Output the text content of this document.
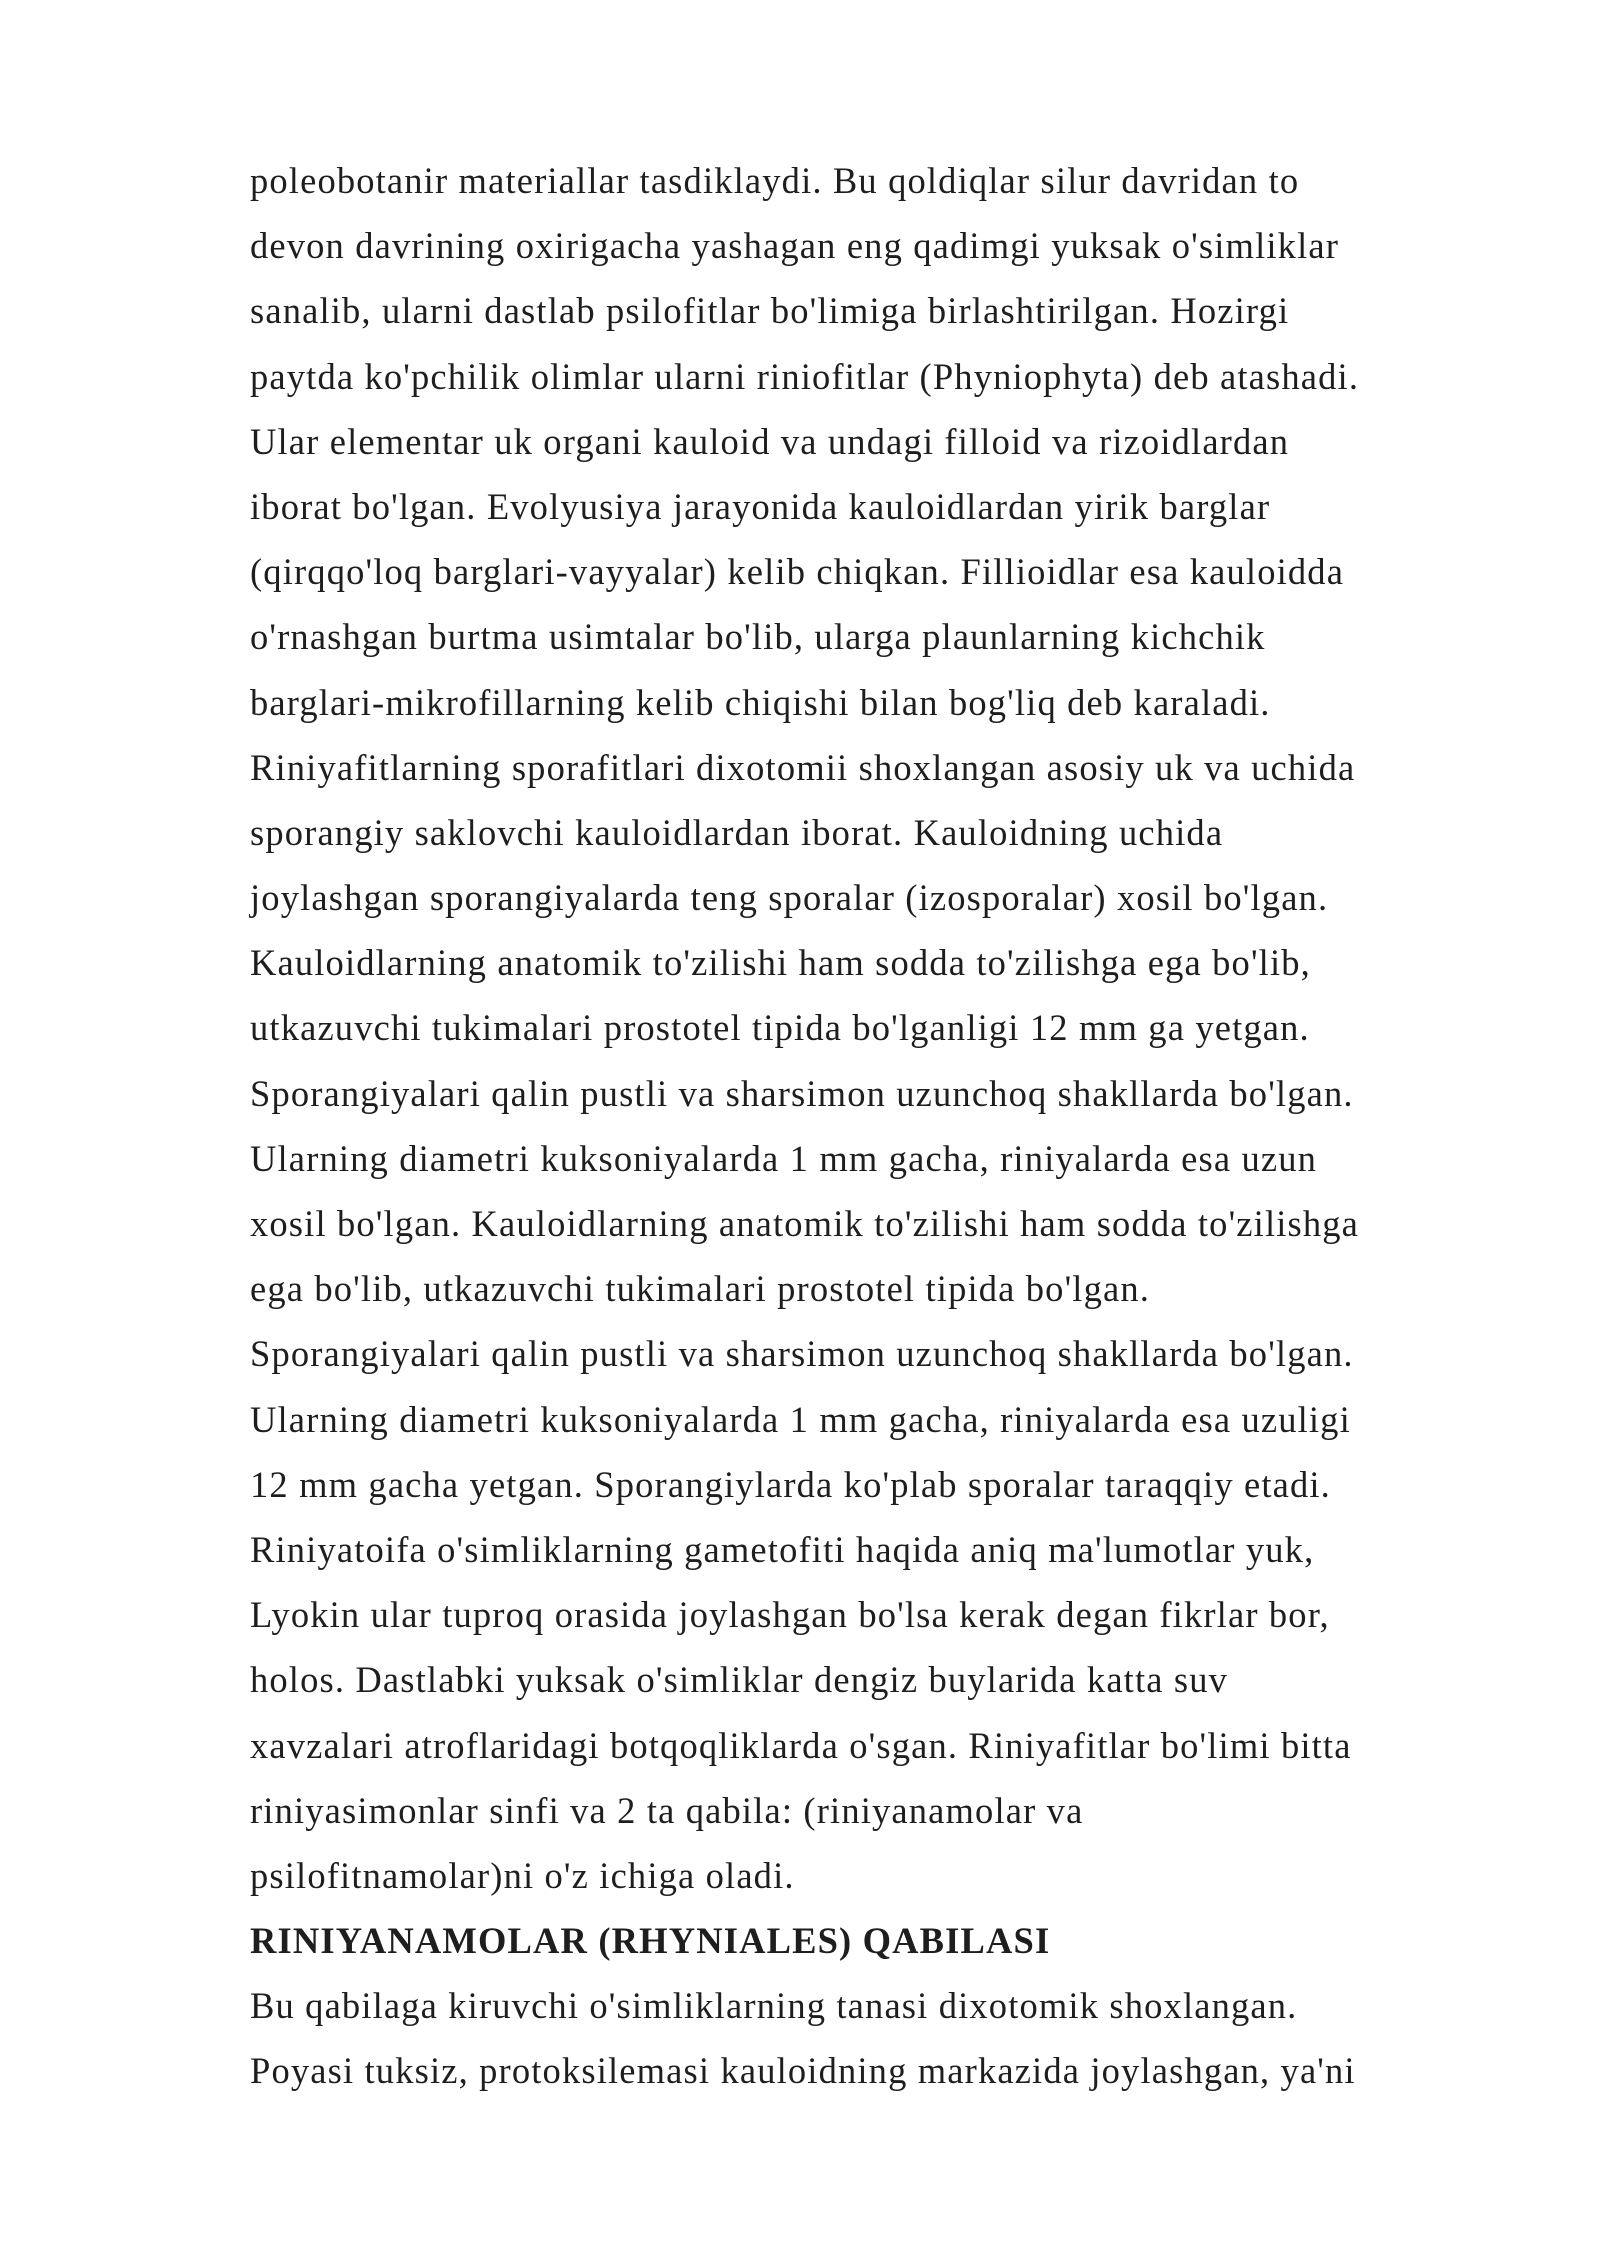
poleobotanir materiallar tasdiklaydi. Bu qoldiqlar silur davridan to
devon davrining oxirigacha yashagan eng qadimgi yuksak o'simliklar
sanalib, ularni dastlab psilofitlar bo'limiga birlashtirilgan. Hozirgi
paytda ko'pchilik olimlar ularni riniofitlar (Phyniophyta) deb atashadi.
Ular elementar uk organi kauloid va undagi filloid va rizoidlardan
iborat bo'lgan. Evolyusiya jarayonida kauloidlardan yirik barglar
(qirqqo'loq barglari-vayyalar) kelib chiqkan. Fillioidlar esa kauloidda
o'rnashgan burtma usimtalar bo'lib, ularga plaunlarning kichchik
barglari-mikrofillarning kelib chiqishi bilan bog'liq deb karaladi.
Riniyafitlarning sporafitlari dixotomii shoxlangan asosiy uk va uchida
sporangiy saklovchi kauloidlardan iborat. Kauloidning uchida
joylashgan sporangiyalarda teng sporalar (izosporalar) xosil bo'lgan.
Kauloidlarning anatomik to'zilishi ham sodda to'zilishga ega bo'lib,
utkazuvchi tukimalari prostotel tipida bo'lganligi 12 mm ga yetgan.
Sporangiyalari qalin pustli va sharsimon uzunchoq shakllarda bo'lgan.
Ularning diametri kuksoniyalarda 1 mm gacha, riniyalarda esa uzun
xosil bo'lgan. Kauloidlarning anatomik to'zilishi ham sodda to'zilishga
ega bo'lib, utkazuvchi tukimalari prostotel tipida bo'lgan.
Sporangiyalari qalin pustli va sharsimon uzunchoq shakllarda bo'lgan.
Ularning diametri kuksoniyalarda 1 mm gacha, riniyalarda esa uzuligi
12 mm gacha yetgan. Sporangiylarda ko'plab sporalar taraqqiy etadi.
Riniyatoifa o'simliklarning gametofiti haqida aniq ma'lumotlar yuk,
Lyokin ular tuproq orasida joylashgan bo'lsa kerak degan fikrlar bor,
holos. Dastlabki yuksak o'simliklar dengiz buylarida katta suv
xavzalari atroflaridagi botqoqliklarda o'sgan. Riniyafitlar bo'limi bitta
riniyasimonlar sinfi va 2 ta qabila: (riniyanamolar va
psilofitnamolar)ni o'z ichiga oladi.
RINIYANAMOLAR (RHYNIALES) QABILASI
Bu qabilaga kiruvchi o'simliklarning tanasi dixotomik shoxlangan.
Poyasi tuksiz, protoksilemasi kauloidning markazida joylashgan, ya'ni
